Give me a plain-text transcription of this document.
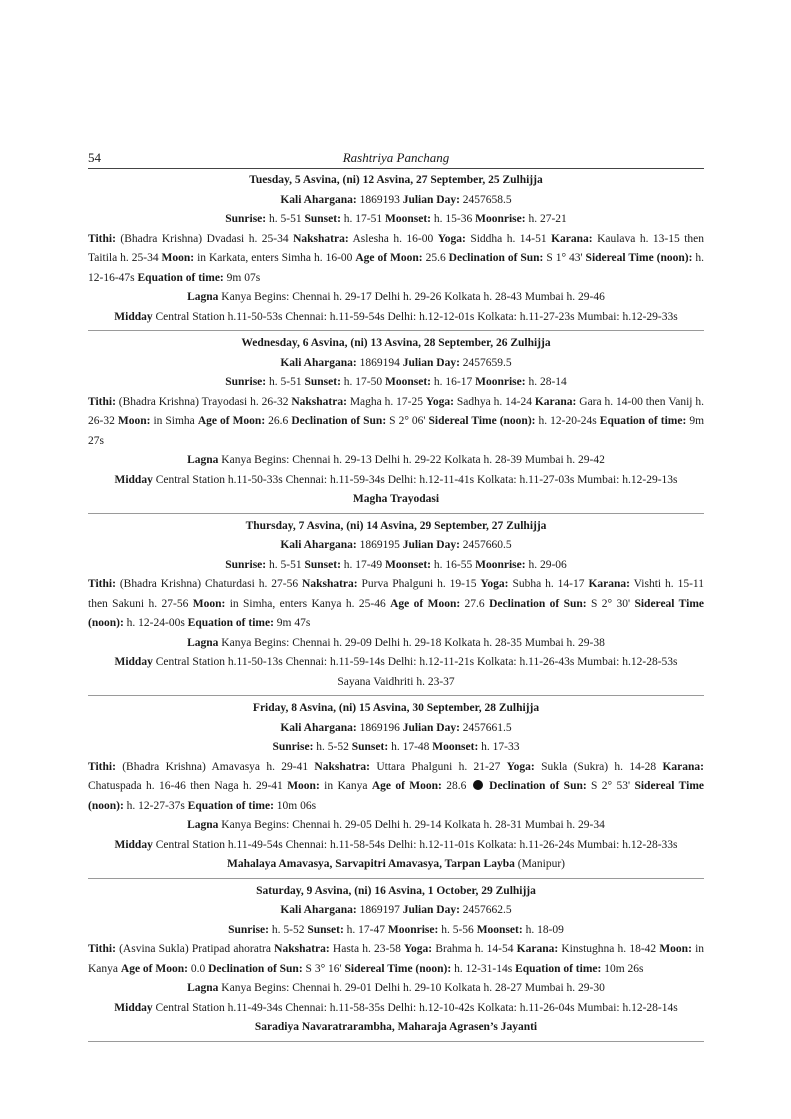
54	Rashtriya Panchang
Tuesday, 5 Asvina, (ni) 12 Asvina, 27 September, 25 Zulhijja
Kali Ahargana: 1869193 Julian Day: 2457658.5
Sunrise: h. 5-51 Sunset: h. 17-51 Moonset: h. 15-36 Moonrise: h. 27-21
Tithi: (Bhadra Krishna) Dvadasi h. 25-34 Nakshatra: Aslesha h. 16-00 Yoga: Siddha h. 14-51 Karana: Kaulava h. 13-15 then Taitila h. 25-34 Moon: in Karkata, enters Simha h. 16-00 Age of Moon: 25.6 Declination of Sun: S 1° 43' Sidereal Time (noon): h. 12-16-47s Equation of time: 9m 07s
Lagna Kanya Begins: Chennai h. 29-17 Delhi h. 29-26 Kolkata h. 28-43 Mumbai h. 29-46
Midday Central Station h.11-50-53s Chennai: h.11-59-54s Delhi: h.12-12-01s Kolkata: h.11-27-23s Mumbai: h.12-29-33s
Wednesday, 6 Asvina, (ni) 13 Asvina, 28 September, 26 Zulhijja
Kali Ahargana: 1869194 Julian Day: 2457659.5
Sunrise: h. 5-51 Sunset: h. 17-50 Moonset: h. 16-17 Moonrise: h. 28-14
Tithi: (Bhadra Krishna) Trayodasi h. 26-32 Nakshatra: Magha h. 17-25 Yoga: Sadhya h. 14-24 Karana: Gara h. 14-00 then Vanij h. 26-32 Moon: in Simha Age of Moon: 26.6 Declination of Sun: S 2° 06' Sidereal Time (noon): h. 12-20-24s Equation of time: 9m 27s
Lagna Kanya Begins: Chennai h. 29-13 Delhi h. 29-22 Kolkata h. 28-39 Mumbai h. 29-42
Midday Central Station h.11-50-33s Chennai: h.11-59-34s Delhi: h.12-11-41s Kolkata: h.11-27-03s Mumbai: h.12-29-13s
Magha Trayodasi
Thursday, 7 Asvina, (ni) 14 Asvina, 29 September, 27 Zulhijja
Kali Ahargana: 1869195 Julian Day: 2457660.5
Sunrise: h. 5-51 Sunset: h. 17-49 Moonset: h. 16-55 Moonrise: h. 29-06
Tithi: (Bhadra Krishna) Chaturdasi h. 27-56 Nakshatra: Purva Phalguni h. 19-15 Yoga: Subha h. 14-17 Karana: Vishti h. 15-11 then Sakuni h. 27-56 Moon: in Simha, enters Kanya h. 25-46 Age of Moon: 27.6 Declination of Sun: S 2° 30' Sidereal Time (noon): h. 12-24-00s Equation of time: 9m 47s
Lagna Kanya Begins: Chennai h. 29-09 Delhi h. 29-18 Kolkata h. 28-35 Mumbai h. 29-38
Midday Central Station h.11-50-13s Chennai: h.11-59-14s Delhi: h.12-11-21s Kolkata: h.11-26-43s Mumbai: h.12-28-53s
Sayana Vaidhriti h. 23-37
Friday, 8 Asvina, (ni) 15 Asvina, 30 September, 28 Zulhijja
Kali Ahargana: 1869196 Julian Day: 2457661.5
Sunrise: h. 5-52 Sunset: h. 17-48 Moonset: h. 17-33
Tithi: (Bhadra Krishna) Amavasya h. 29-41 Nakshatra: Uttara Phalguni h. 21-27 Yoga: Sukla (Sukra) h. 14-28 Karana: Chatuspada h. 16-46 then Naga h. 29-41 Moon: in Kanya Age of Moon: 28.6  Declination of Sun: S 2° 53' Sidereal Time (noon): h. 12-27-37s Equation of time: 10m 06s
Lagna Kanya Begins: Chennai h. 29-05 Delhi h. 29-14 Kolkata h. 28-31 Mumbai h. 29-34
Midday Central Station h.11-49-54s Chennai: h.11-58-54s Delhi: h.12-11-01s Kolkata: h.11-26-24s Mumbai: h.12-28-33s
Mahalaya Amavasya, Sarvapitri Amavasya, Tarpan Layba (Manipur)
Saturday, 9 Asvina, (ni) 16 Asvina, 1 October, 29 Zulhijja
Kali Ahargana: 1869197 Julian Day: 2457662.5
Sunrise: h. 5-52 Sunset: h. 17-47 Moonrise: h. 5-56 Moonset: h. 18-09
Tithi: (Asvina Sukla) Pratipad ahoratra Nakshatra: Hasta h. 23-58 Yoga: Brahma h. 14-54 Karana: Kinstughna h. 18-42 Moon: in Kanya Age of Moon: 0.0 Declination of Sun: S 3° 16' Sidereal Time (noon): h. 12-31-14s Equation of time: 10m 26s
Lagna Kanya Begins: Chennai h. 29-01 Delhi h. 29-10 Kolkata h. 28-27 Mumbai h. 29-30
Midday Central Station h.11-49-34s Chennai: h.11-58-35s Delhi: h.12-10-42s Kolkata: h.11-26-04s Mumbai: h.12-28-14s
Saradiya Navaratrarambha, Maharaja Agrasen’s Jayanti
